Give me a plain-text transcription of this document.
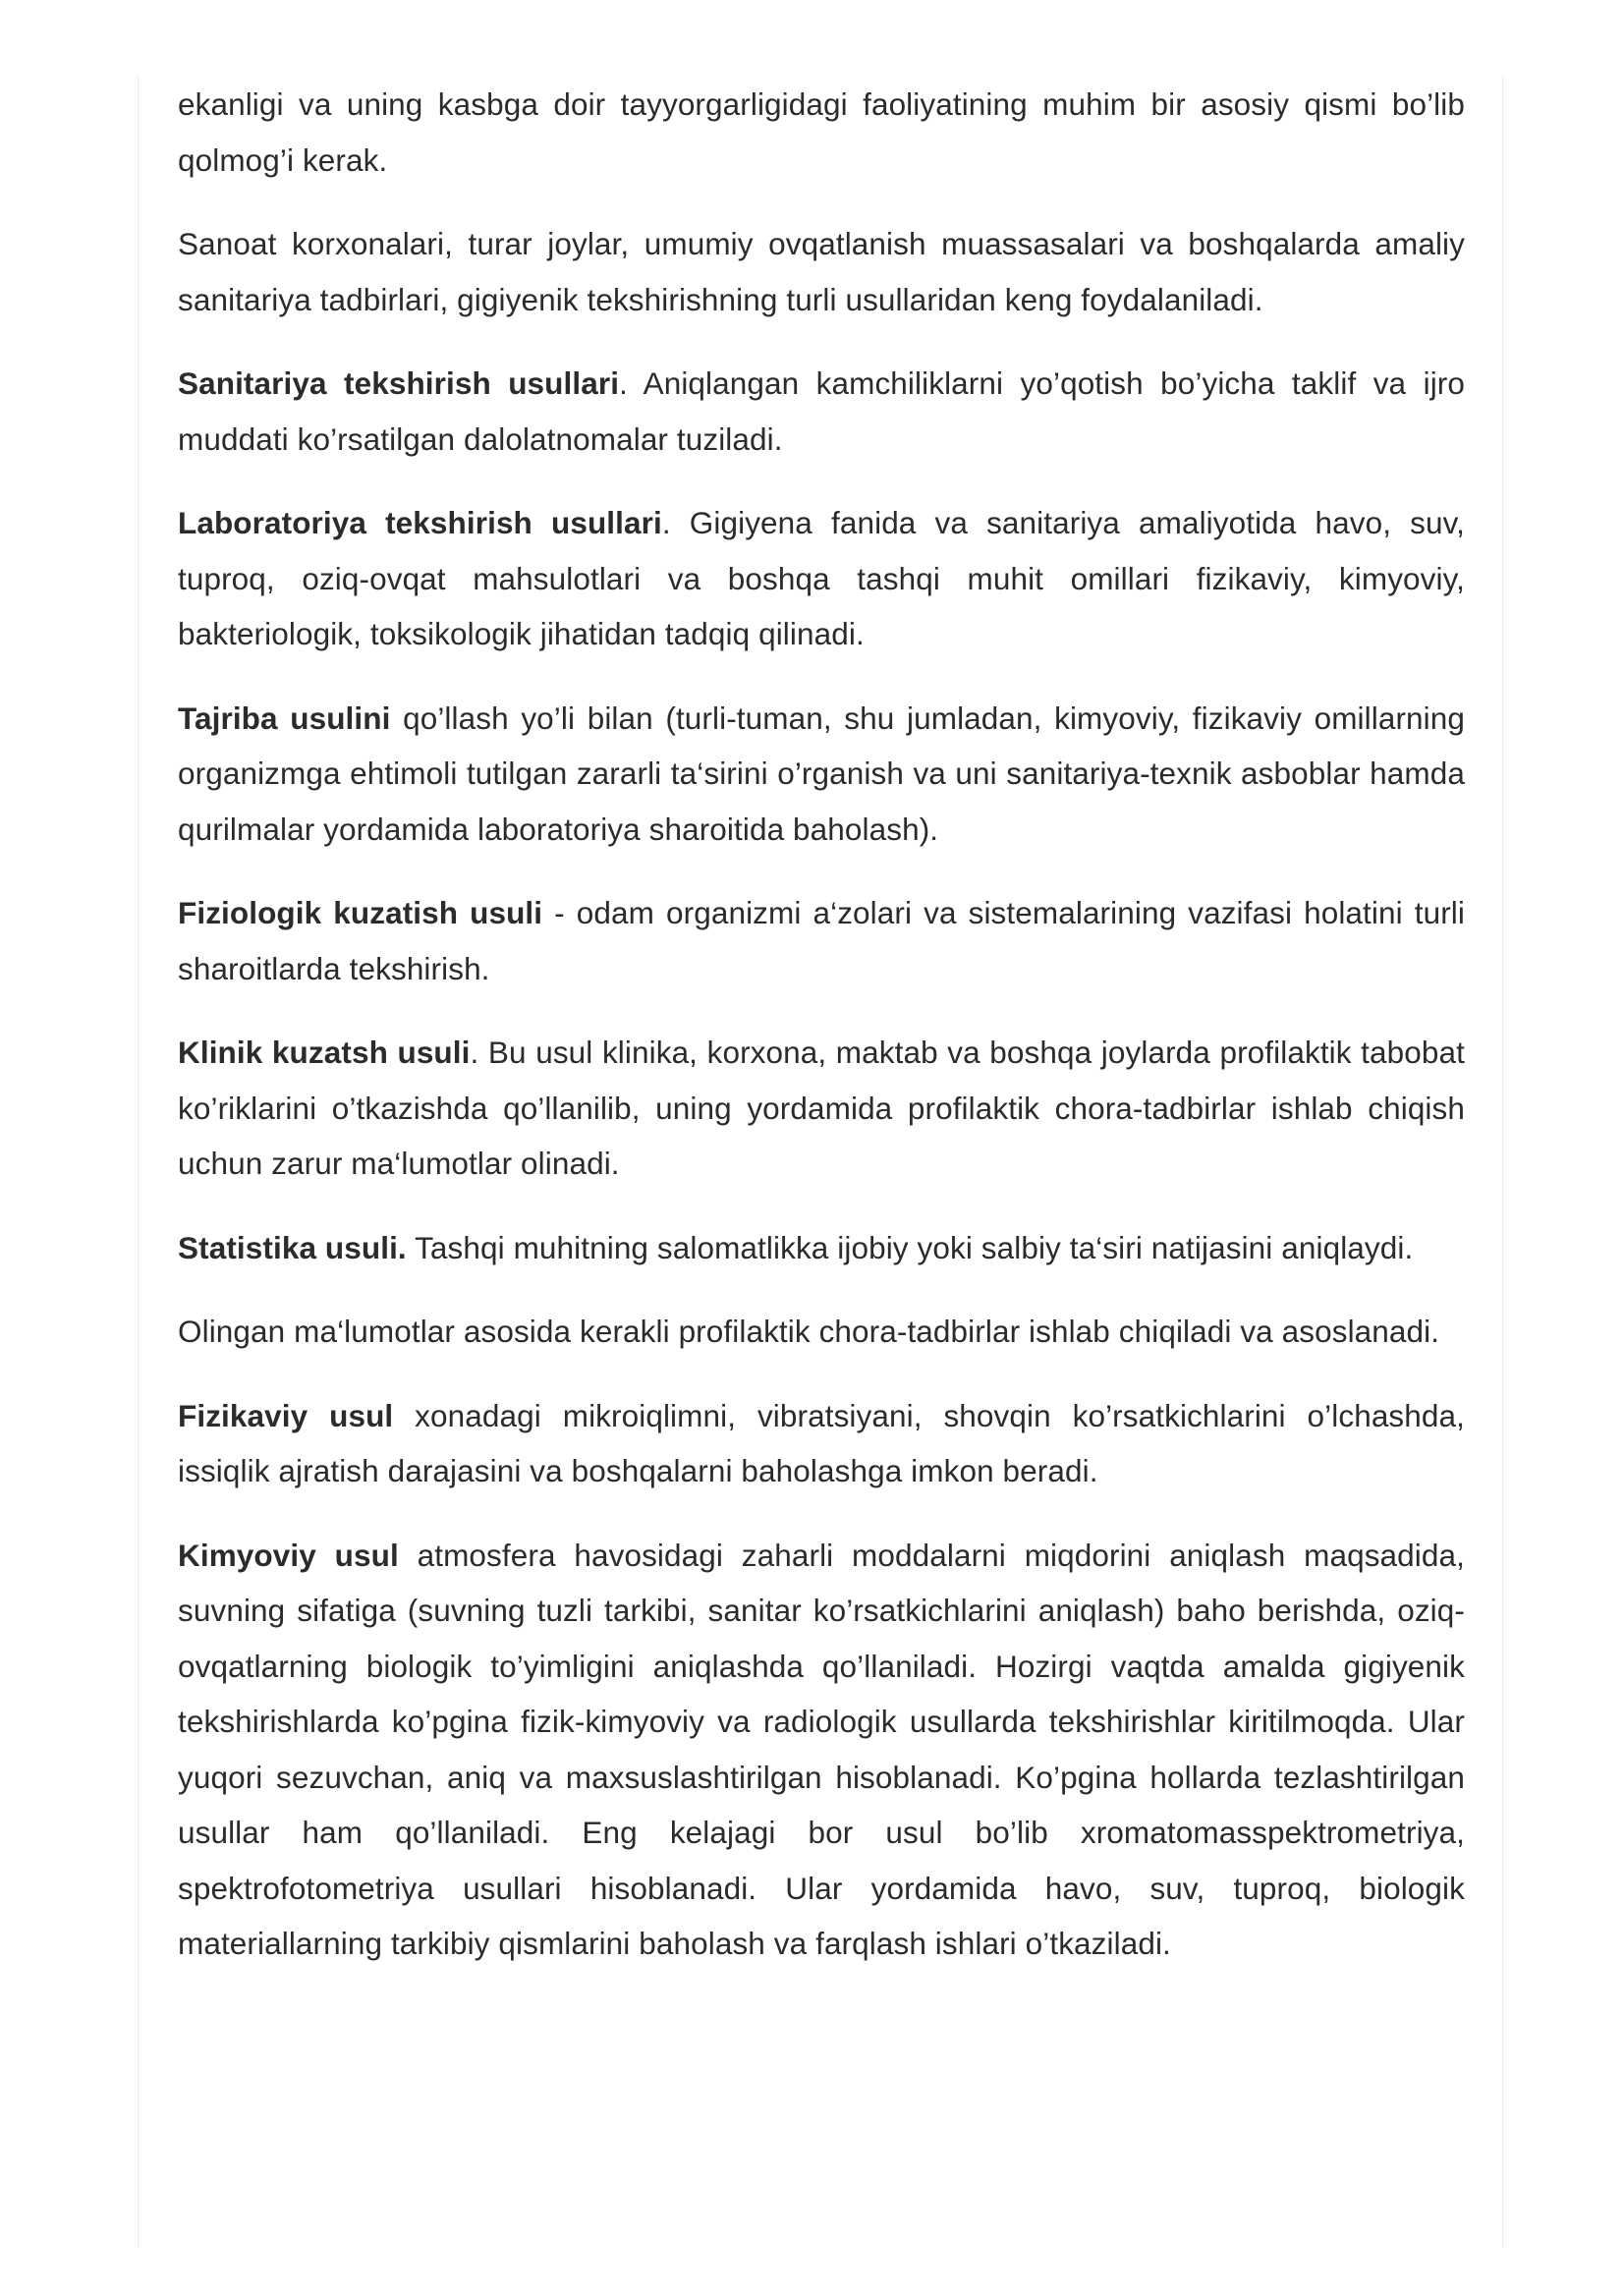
ekanligi va uning kasbga doir tayyorgarligidagi faoliyatining muhim bir asosiy qismi bo’lib qolmog’i kerak.

Sanoat korxonalari, turar joylar, umumiy ovqatlanish muassasalari va boshqalarda amaliy sanitariya tadbirlari, gigiyenik tekshirishning turli usullaridan keng foydalaniladi.

Sanitariya tekshirish usullari. Aniqlangan kamchiliklarni yo’qotish bo’yicha taklif va ijro muddati ko’rsatilgan dalolatnomalar tuziladi.

Laboratoriya tekshirish usullari. Gigiyena fanida va sanitariya amaliyotida havo, suv, tuproq, oziq-ovqat mahsulotlari va boshqa tashqi muhit omillari fizikaviy, kimyoviy, bakteriologik, toksikologik jihatidan tadqiq qilinadi.

Tajriba usulini qo’llash yo’li bilan (turli-tuman, shu jumladan, kimyoviy, fizikaviy omillarning organizmga ehtimoli tutilgan zararli ta‘sirini o’rganish va uni sanitariya-texnik asboblar hamda qurilmalar yordamida laboratoriya sharoitida baholash).

Fiziologik kuzatish usuli - odam organizmi a‘zolari va sistemalarining vazifasi holatini turli sharoitlarda tekshirish.

Klinik kuzatsh usuli. Bu usul klinika, korxona, maktab va boshqa joylarda profilaktik tabobat ko’riklarini o’tkazishda qo’llanilib, uning yordamida profilaktik chora-tadbirlar ishlab chiqish uchun zarur ma‘lumotlar olinadi.

Statistika usuli. Tashqi muhitning salomatlikka ijobiy yoki salbiy ta‘siri natijasini aniqlaydi.

Olingan ma‘lumotlar asosida kerakli profilaktik chora-tadbirlar ishlab chiqiladi va asoslanadi.

Fizikaviy usul xonadagi mikroiqlimni, vibratsiyani, shovqin ko’rsatkichlarini o’lchashda, issiqlik ajratish darajasini va boshqalarni baholashga imkon beradi.

Kimyoviy usul atmosfera havosidagi zaharli moddalarni miqdorini aniqlash maqsadida, suvning sifatiga (suvning tuzli tarkibi, sanitar ko’rsatkichlarini aniqlash) baho berishda, oziq- ovqatlarning biologik to’yimligini aniqlashda qo’llaniladi. Hozirgi vaqtda amalda gigiyenik tekshirishlarda ko’pgina fizik-kimyoviy va radiologik usullarda tekshirishlar kiritilmoqda. Ular yuqori sezuvchan, aniq va maxsuslashtirilgan hisoblanadi. Ko’pgina hollarda tezlashtirilgan usullar ham qo’llaniladi. Eng kelajagi bor usul bo’lib xromatomasspektrometriya, spektrofotometriya usullari hisoblanadi. Ular yordamida havo, suv, tuproq, biologik materiallarning tarkibiy qismlarini baholash va farqlash ishlari o’tkaziladi.
